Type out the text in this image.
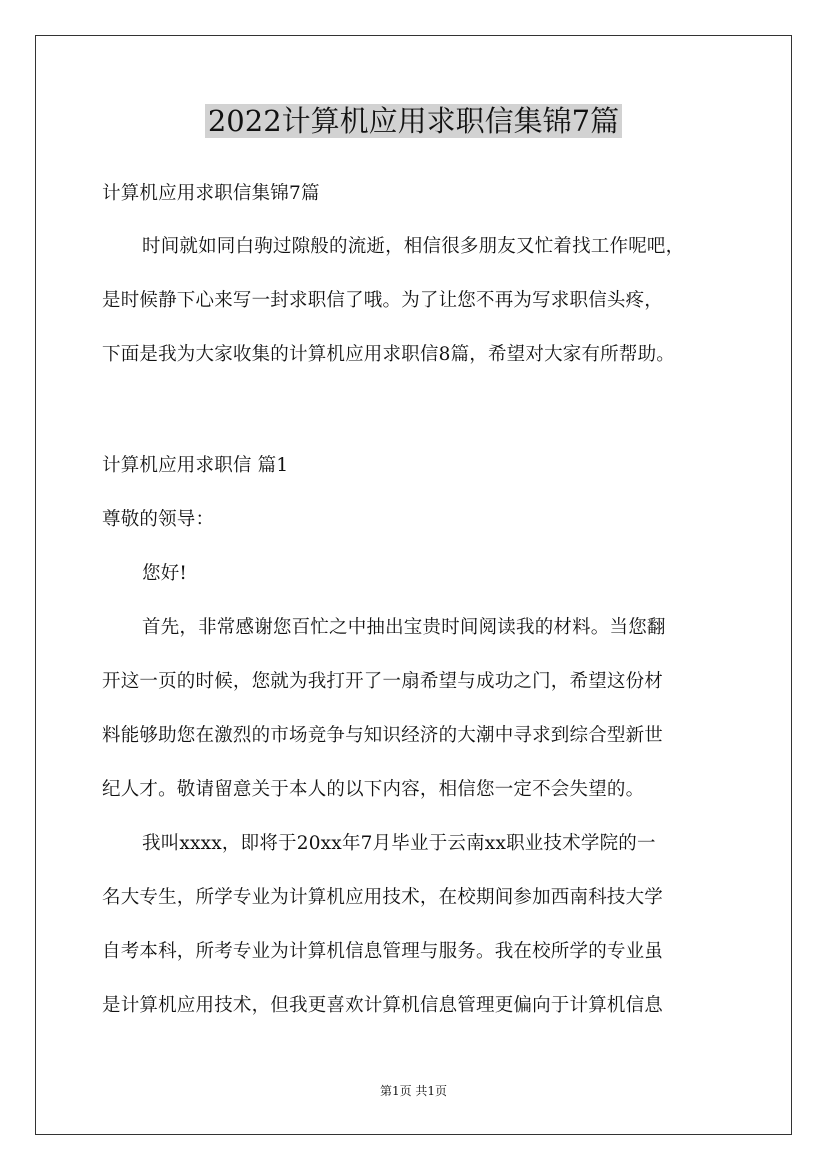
2022计算机应用求职信集锦7篇
计算机应用求职信集锦7篇
时间就如同白驹过隙般的流逝，相信很多朋友又忙着找工作呢吧，
是时候静下心来写一封求职信了哦。为了让您不再为写求职信头疼，
下面是我为大家收集的计算机应用求职信8篇，希望对大家有所帮助。
计算机应用求职信 篇1
尊敬的领导：
您好!
首先，非常感谢您百忙之中抽出宝贵时间阅读我的材料。当您翻
开这一页的时候，您就为我打开了一扇希望与成功之门，希望这份材
料能够助您在激烈的市场竞争与知识经济的大潮中寻求到综合型新世
纪人才。敬请留意关于本人的以下内容，相信您一定不会失望的。
我叫xxxx，即将于20xx年7月毕业于云南xx职业技术学院的一
名大专生，所学专业为计算机应用技术，在校期间参加西南科技大学
自考本科，所考专业为计算机信息管理与服务。我在校所学的专业虽
是计算机应用技术，但我更喜欢计算机信息管理更偏向于计算机信息
第1页 共1页
